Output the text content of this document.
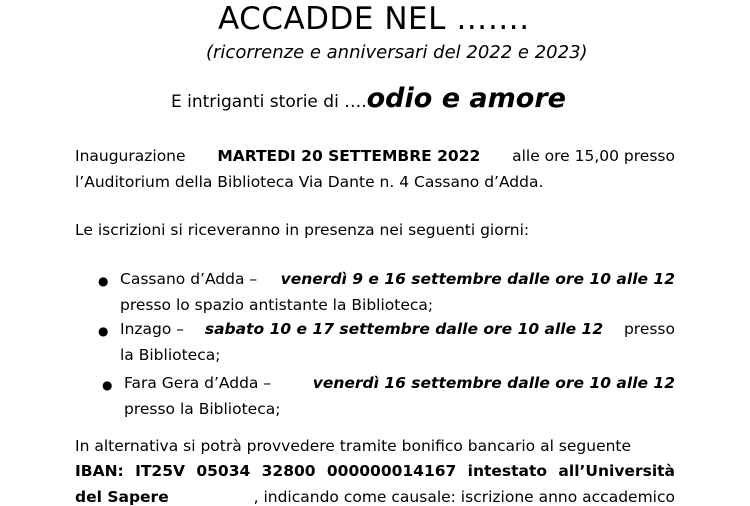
ACCADDE NEL …….
(ricorrenze e anniversari del 2022 e 2023)
E intriganti storie di ….odio e amore
Inaugurazione MARTEDI 20 SETTEMBRE 2022 alle ore 15,00 presso
l’Auditorium della Biblioteca Via Dante n. 4 Cassano d’Adda.
Le iscrizioni si riceveranno in presenza nei seguenti giorni:
● Cassano d’Adda – venerdì 9 e 16 settembre dalle ore 10 alle 12
presso lo spazio antistante la Biblioteca;
● Inzago – sabato 10 e 17 settembre dalle ore 10 alle 12 presso
la Biblioteca;
● Fara Gera d’Adda – venerdì 16 settembre dalle ore 10 alle 12
presso la Biblioteca;
In alternativa si potrà provvedere tramite bonifico bancario al seguente
IBAN: IT25V 05034 32800 000000014167 intestato all’Università
del Sapere	, indicando come causale: iscrizione anno accademico
